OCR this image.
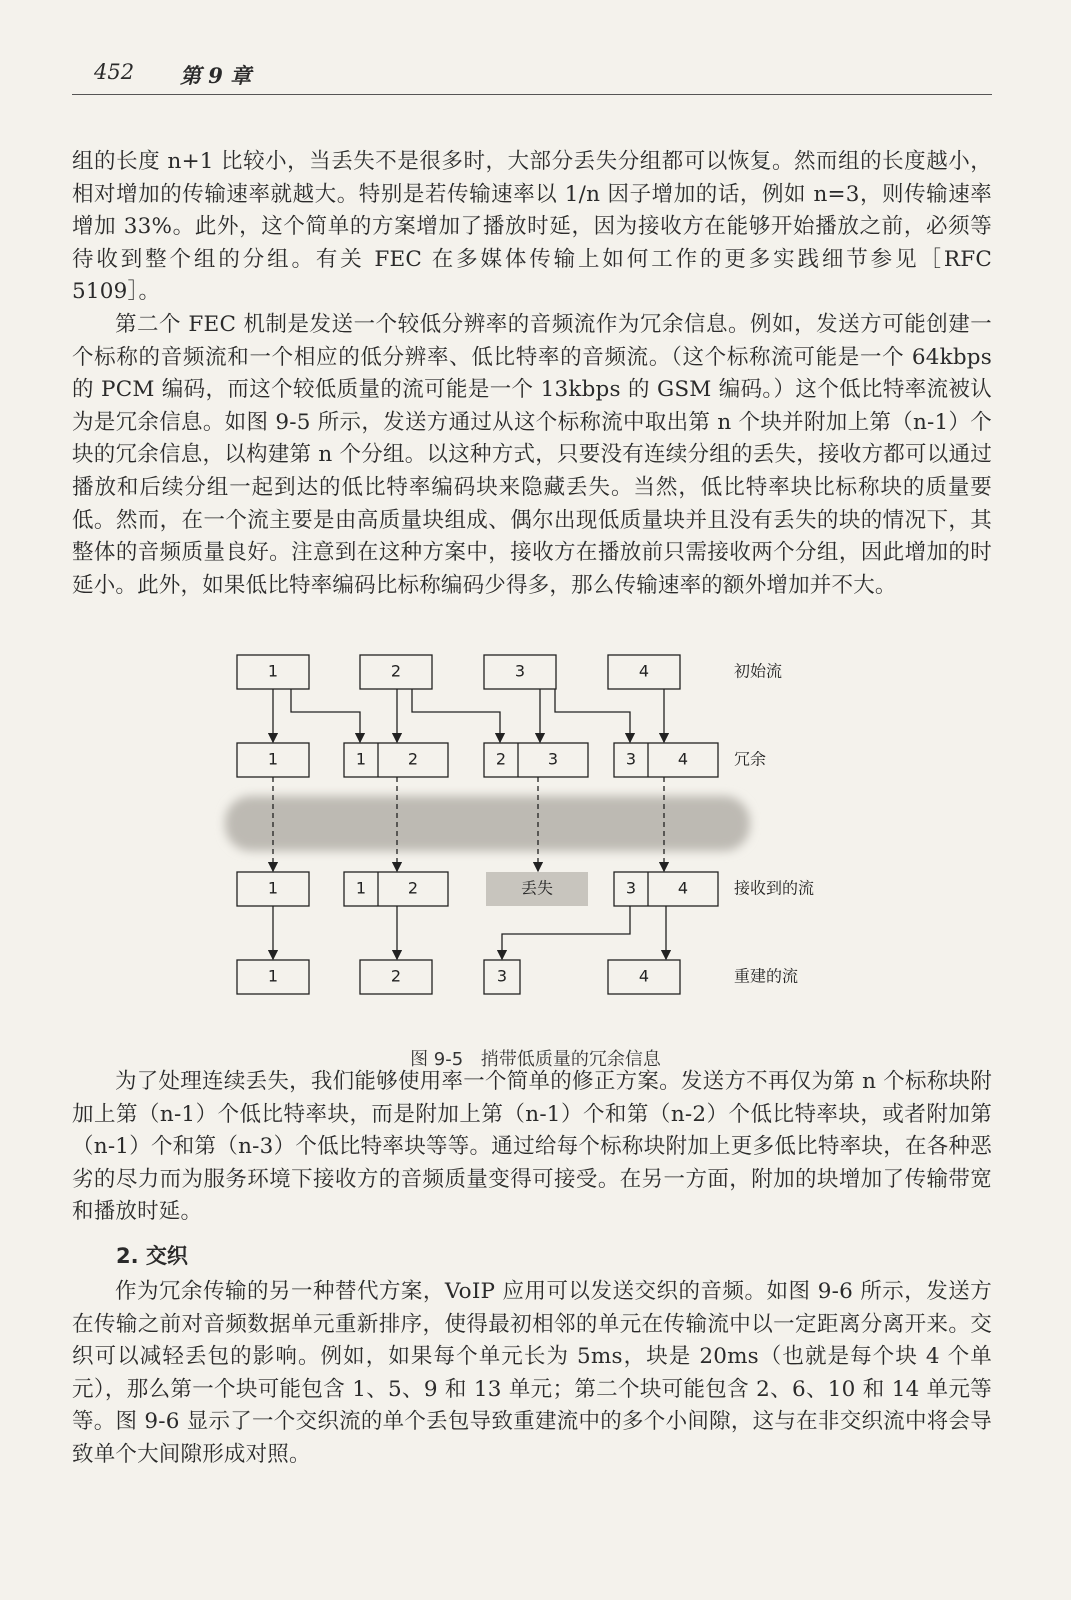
452 第 9 章

组的长度 n+1 比较小，当丢失不是很多时，大部分丢失分组都可以恢复。然而组的长度越小，相对增加的传输速率就越大。特别是若传输速率以 1/n 因子增加的话，例如 n=3，则传输速率增加 33%。此外，这个简单的方案增加了播放时延，因为接收方在能够开始播放之前，必须等待收到整个组的分组。有关 FEC 在多媒体传输上如何工作的更多实践细节参见［RFC 5109］。

第二个 FEC 机制是发送一个较低分辨率的音频流作为冗余信息。例如，发送方可能创建一个标称的音频流和一个相应的低分辨率、低比特率的音频流。（这个标称流可能是一个 64kbps 的 PCM 编码，而这个较低质量的流可能是一个 13kbps 的 GSM 编码。）这个低比特率流被认为是冗余信息。如图 9-5 所示，发送方通过从这个标称流中取出第 n 个块并附加上第（n-1）个块的冗余信息，以构建第 n 个分组。以这种方式，只要没有连续分组的丢失，接收方都可以通过播放和后续分组一起到达的低比特率编码块来隐藏丢失。当然，低比特率块比标称块的质量要低。然而，在一个流主要是由高质量块组成、偶尔出现低质量块并且没有丢失的块的情况下，其整体的音频质量良好。注意到在这种方案中，接收方在播放前只需接收两个分组，因此增加的时延小。此外，如果低比特率编码比标称编码少得多，那么传输速率的额外增加并不大。

1	2	3	4
1	1	2	2	3	3	4
1	1	2	丢失	3	4
1	2	3	4
初始流
冗余
接收到的流
重建的流
图 9-5 捎带低质量的冗余信息

为了处理连续丢失，我们能够使用率一个简单的修正方案。发送方不再仅为第 n 个标称块附加上第（n-1）个低比特率块，而是附加上第（n-1）个和第（n-2）个低比特率块，或者附加第（n-1）个和第（n-3）个低比特率块等等。通过给每个标称块附加上更多低比特率块，在各种恶劣的尽力而为服务环境下接收方的音频质量变得可接受。在另一方面，附加的块增加了传输带宽和播放时延。

2. 交织

作为冗余传输的另一种替代方案，VoIP 应用可以发送交织的音频。如图 9-6 所示，发送方在传输之前对音频数据单元重新排序，使得最初相邻的单元在传输流中以一定距离分离开来。交织可以减轻丢包的影响。例如，如果每个单元长为 5ms，块是 20ms（也就是每个块 4 个单元），那么第一个块可能包含 1、5、9 和 13 单元；第二个块可能包含 2、6、10 和 14 单元等等。图 9-6 显示了一个交织流的单个丢包导致重建流中的多个小间隙，这与在非交织流中将会导致单个大间隙形成对照。
